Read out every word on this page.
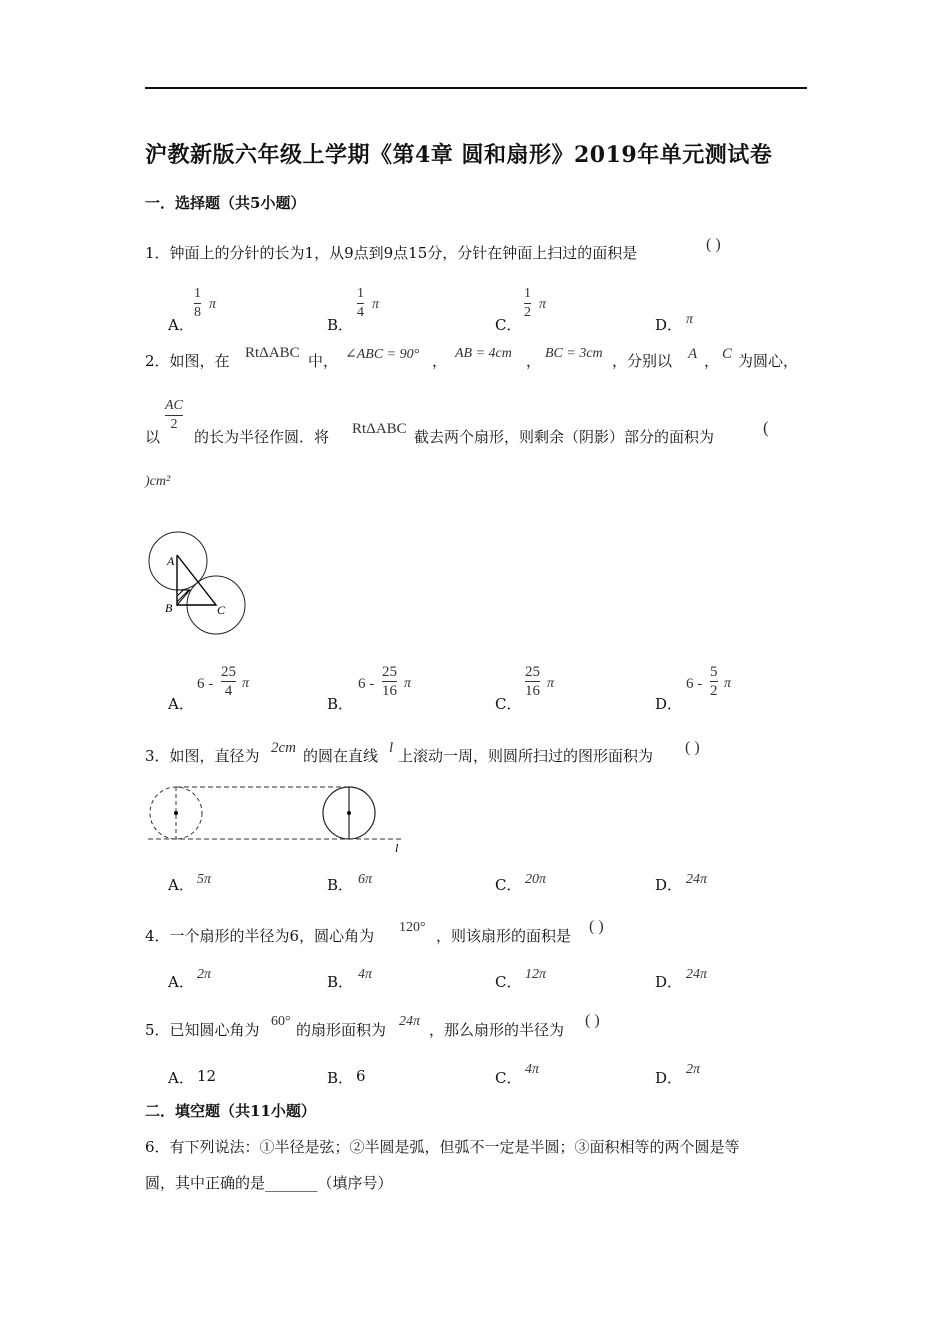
沪教新版六年级上学期《第4章 圆和扇形》2019年单元测试卷
一．选择题（共5小题）
1．钟面上的分针的长为1，从9点到9点15分，分针在钟面上扫过的面积是	( )
A．
1
8
π
B．
1
4
π
C．
1
2
π
D． π
2．如图，在 RtΔABC 中， ∠ABC = 90° ， AB = 4cm ， BC = 3cm ，分别以 A ， C 为圆心，
以
AC
2
的长为半径作圆．将 RtΔABC 截去两个扇形，则剩余（阴影）部分的面积为	(
)cm²
A
B	C
A．
6 -
25
4 π
B．
6 -
25
16 π
C．
25
16 π
D．
6 -
5
2 π
3．如图，直径为 2cm 的圆在直线 l 上滚动一周，则圆所扫过的图形面积为 ( )
l
A． 5π	B． 6π	C． 20π	D． 24π
4．一个扇形的半径为6，圆心角为 120° ，则该扇形的面积是
( )
A． 2π	B． 4π	C． 12π	D． 24π
5．已知圆心角为 60° 的扇形面积为 24π ，那么扇形的半径为
( )
A． 12	B． 6	C． 4π	D． 2π
二．填空题（共11小题）
6．有下列说法：①半径是弦；②半圆是弧，但弧不一定是半圆；③面积相等的两个圆是等
圆，其中正确的是_______（填序号）
